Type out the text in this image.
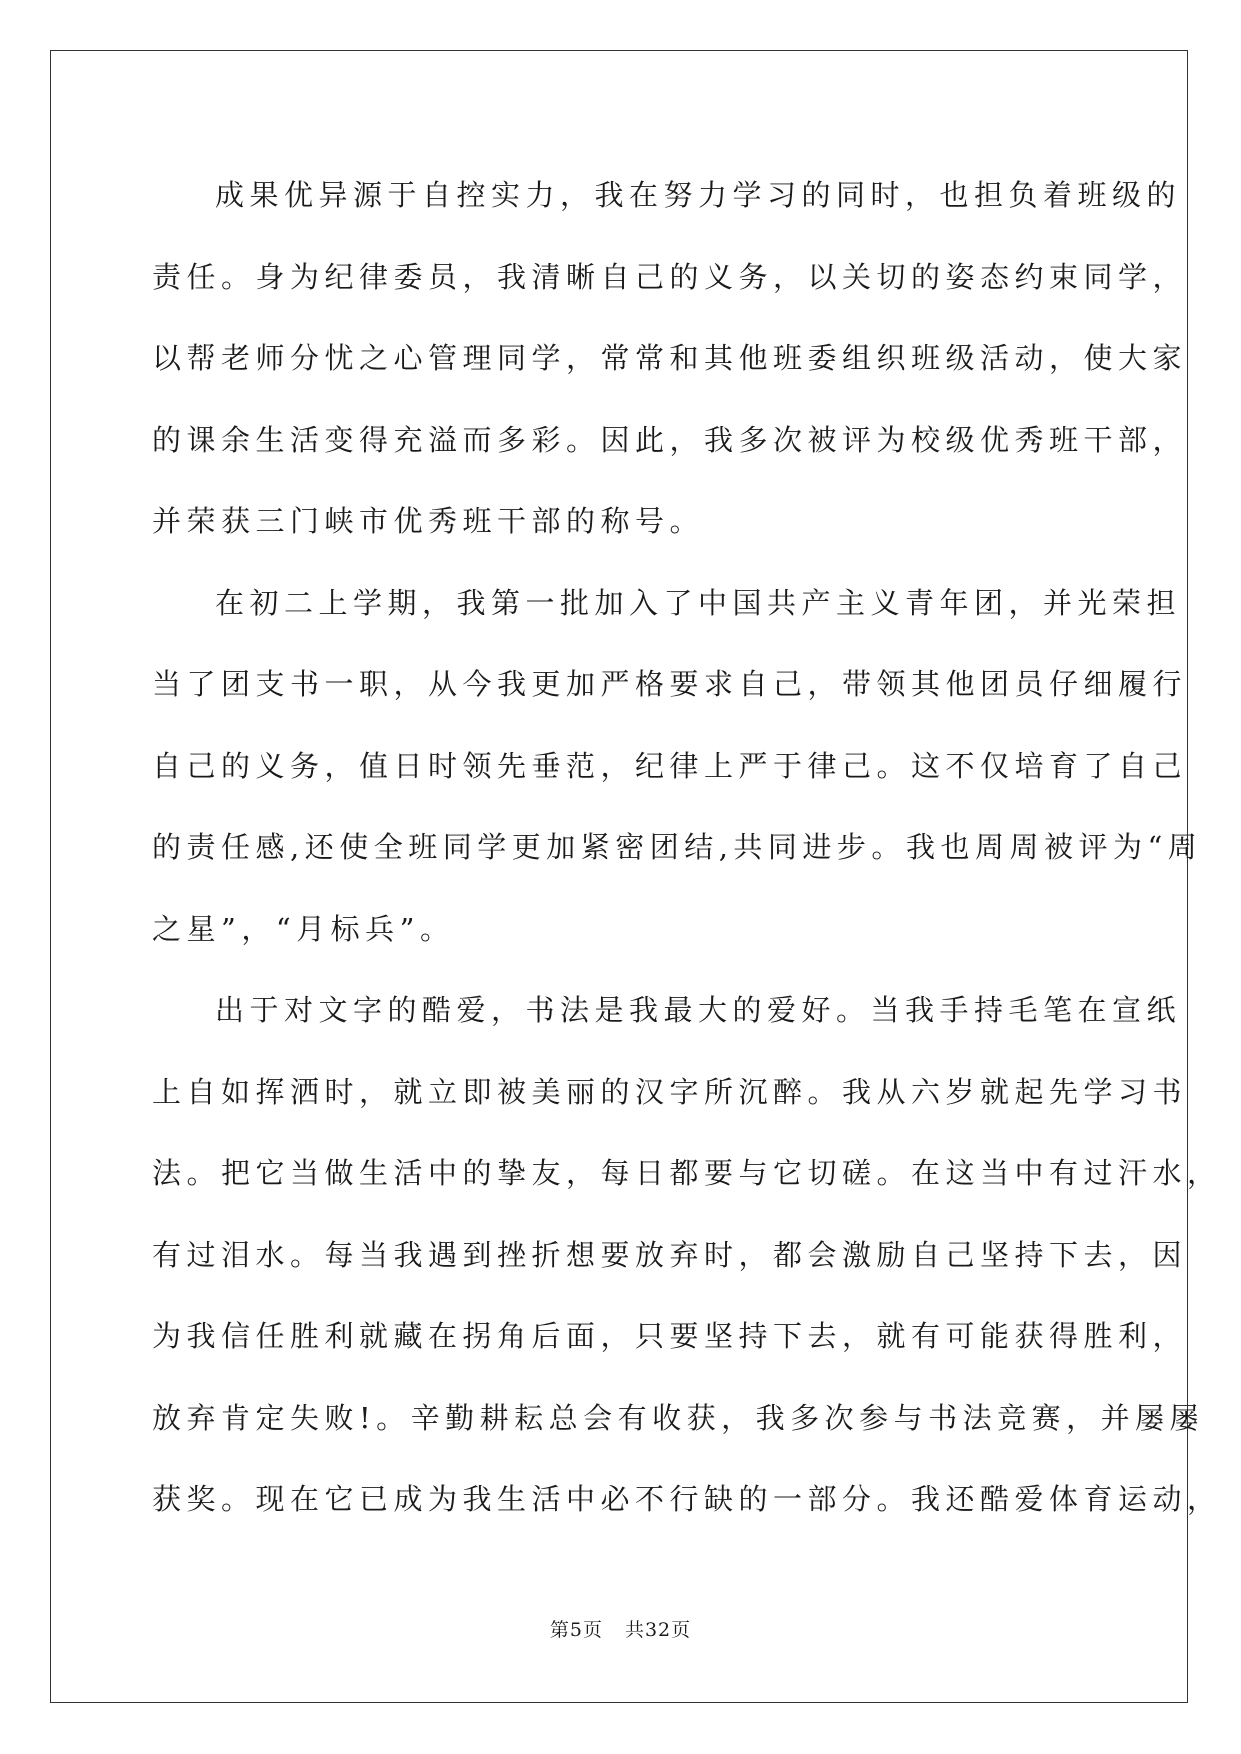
成果优异源于自控实力，我在努力学习的同时，也担负着班级的
责任。身为纪律委员，我清晰自己的义务，以关切的姿态约束同学，
以帮老师分忧之心管理同学，常常和其他班委组织班级活动，使大家
的课余生活变得充溢而多彩。因此，我多次被评为校级优秀班干部，
并荣获三门峡市优秀班干部的称号。
在初二上学期，我第一批加入了中国共产主义青年团，并光荣担
当了团支书一职，从今我更加严格要求自己，带领其他团员仔细履行
自己的义务，值日时领先垂范，纪律上严于律己。这不仅培育了自己
的责任感,还使全班同学更加紧密团结,共同进步。我也周周被评为“周
之星”，“月标兵”。
出于对文字的酷爱，书法是我最大的爱好。当我手持毛笔在宣纸
上自如挥洒时，就立即被美丽的汉字所沉醉。我从六岁就起先学习书
法。把它当做生活中的挚友，每日都要与它切磋。在这当中有过汗水，
有过泪水。每当我遇到挫折想要放弃时，都会激励自己坚持下去，因
为我信任胜利就藏在拐角后面，只要坚持下去，就有可能获得胜利，
放弃肯定失败!。辛勤耕耘总会有收获，我多次参与书法竞赛，并屡屡
获奖。现在它已成为我生活中必不行缺的一部分。我还酷爱体育运动，
第5页 共32页
